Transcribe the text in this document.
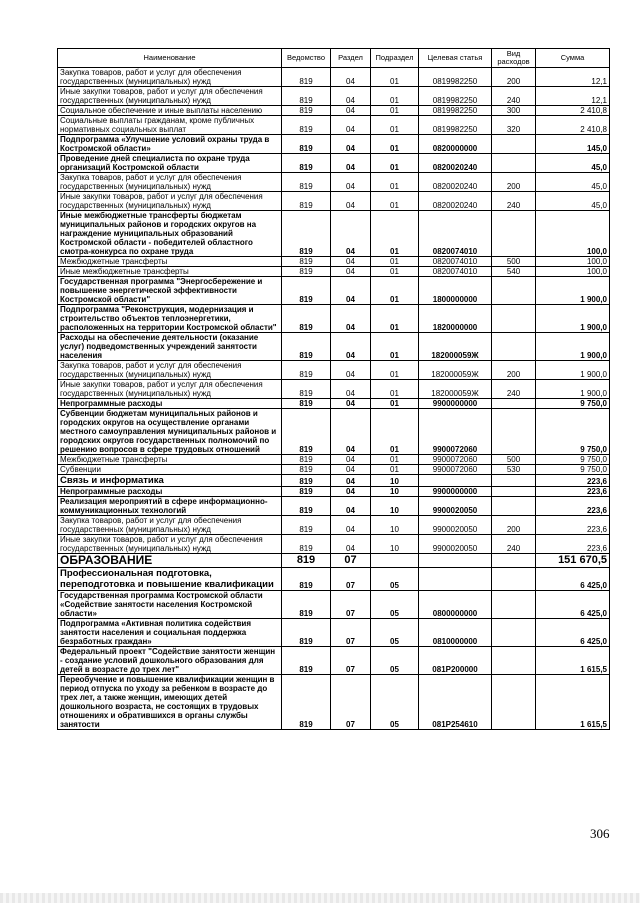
Наименование	Ведомство	Раздел	Подраздел	Целевая статья	Вид расходов	Сумма
Закупка товаров, работ и услуг для обеспечения государственных (муниципальных) нужд	819	04	01	0819982250	200	12,1
Иные закупки товаров, работ и услуг для обеспечения государственных (муниципальных) нужд	819	04	01	0819982250	240	12,1
Социальное обеспечение и иные выплаты населению	819	04	01	0819982250	300	2 410,8
Социальные выплаты гражданам, кроме публичных нормативных социальных выплат	819	04	01	0819982250	320	2 410,8
Подпрограмма «Улучшение условий охраны труда в Костромской области»	819	04	01	0820000000		145,0
Проведение дней специалиста по охране труда организаций Костромской области	819	04	01	0820020240		45,0
Закупка товаров, работ и услуг для обеспечения государственных (муниципальных) нужд	819	04	01	0820020240	200	45,0
Иные закупки товаров, работ и услуг для обеспечения государственных (муниципальных) нужд	819	04	01	0820020240	240	45,0
Иные межбюджетные трансферты бюджетам муниципальных районов и городских округов на награждение муниципальных образований Костромской области - победителей областного смотра-конкурса по охране труда	819	04	01	0820074010		100,0
Межбюджетные трансферты	819	04	01	0820074010	500	100,0
Иные межбюджетные трансферты	819	04	01	0820074010	540	100,0
Государственная программа "Энергосбережение и повышение энергетической эффективности Костромской области"	819	04	01	1800000000		1 900,0
Подпрограмма "Реконструкция, модернизация и строительство объектов теплоэнергетики, расположенных на территории Костромской области"	819	04	01	1820000000		1 900,0
Расходы на обеспечение деятельности (оказание услуг) подведомственных учреждений занятости населения	819	04	01	182000059Ж		1 900,0
Закупка товаров, работ и услуг для обеспечения государственных (муниципальных) нужд	819	04	01	182000059Ж	200	1 900,0
Иные закупки товаров, работ и услуг для обеспечения государственных (муниципальных) нужд	819	04	01	182000059Ж	240	1 900,0
Непрограммные расходы	819	04	01	9900000000		9 750,0
Субвенции бюджетам муниципальных районов и городских округов на осуществление органами местного самоуправления муниципальных районов и городских округов государственных полномочий по решению вопросов в сфере трудовых отношений	819	04	01	9900072060		9 750,0
Межбюджетные трансферты	819	04	01	9900072060	500	9 750,0
Субвенции	819	04	01	9900072060	530	9 750,0
Связь и информатика	819	04	10			223,6
Непрограммные расходы	819	04	10	9900000000		223,6
Реализация мероприятий в сфере информационно-коммуникационных технологий	819	04	10	9900020050		223,6
Закупка товаров, работ и услуг для обеспечения государственных (муниципальных) нужд	819	04	10	9900020050	200	223,6
Иные закупки товаров, работ и услуг для обеспечения государственных (муниципальных) нужд	819	04	10	9900020050	240	223,6
ОБРАЗОВАНИЕ	819	07				151 670,5
Профессиональная подготовка, переподготовка и повышение квалификации	819	07	05			6 425,0
Государственная программа Костромской области «Содействие занятости населения Костромской области»	819	07	05	0800000000		6 425,0
Подпрограмма «Активная политика содействия занятости населения и социальная поддержка безработных граждан»	819	07	05	0810000000		6 425,0
Федеральный проект "Содействие занятости женщин - создание условий дошкольного образования для детей в возрасте до трех лет"	819	07	05	081P200000		1 615,5
Переобучение и повышение квалификации женщин в период отпуска по уходу за ребенком в возрасте до трех лет, а также женщин, имеющих детей дошкольного возраста, не состоящих в трудовых отношениях и обратившихся в органы службы занятости	819	07	05	081P254610		1 615,5
306
